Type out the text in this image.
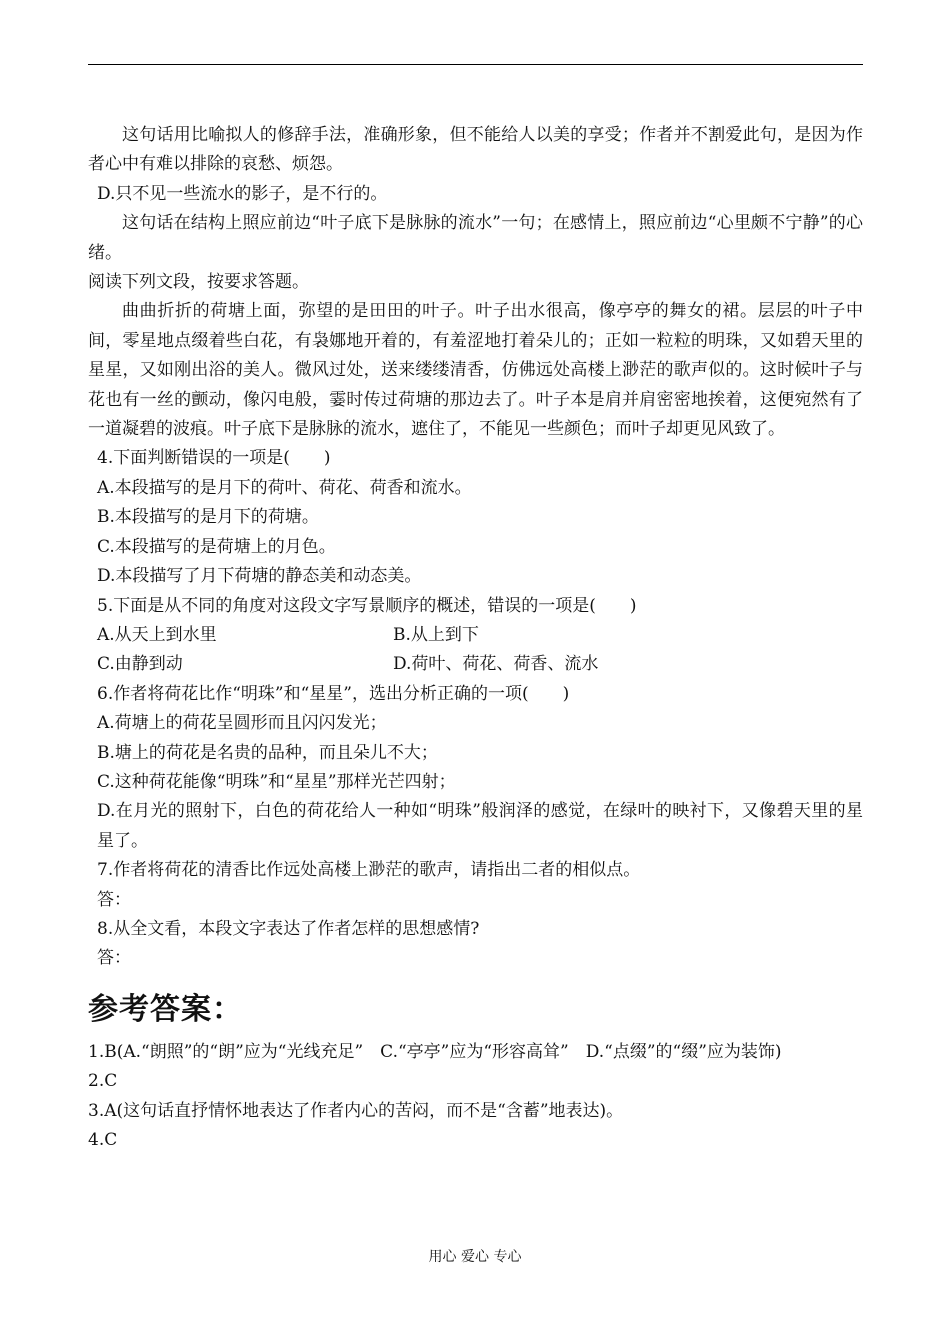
这句话用比喻拟人的修辞手法，准确形象，但不能给人以美的享受；作者并不割爱此句，是因为作者心中有难以排除的哀愁、烦怨。

D.只不见一些流水的影子，是不行的。

这句话在结构上照应前边“叶子底下是脉脉的流水”一句；在感情上，照应前边“心里颇不宁静”的心绪。

阅读下列文段，按要求答题。

曲曲折折的荷塘上面，弥望的是田田的叶子。叶子出水很高，像亭亭的舞女的裙。层层的叶子中间，零星地点缀着些白花，有袅娜地开着的，有羞涩地打着朵儿的；正如一粒粒的明珠，又如碧天里的星星，又如刚出浴的美人。微风过处，送来缕缕清香，仿佛远处高楼上渺茫的歌声似的。这时候叶子与花也有一丝的颤动，像闪电般，霎时传过荷塘的那边去了。叶子本是肩并肩密密地挨着，这便宛然有了一道凝碧的波痕。叶子底下是脉脉的流水，遮住了，不能见一些颜色；而叶子却更见风致了。

4.下面判断错误的一项是(　　)

A.本段描写的是月下的荷叶、荷花、荷香和流水。

B.本段描写的是月下的荷塘。

C.本段描写的是荷塘上的月色。

D.本段描写了月下荷塘的静态美和动态美。

5.下面是从不同的角度对这段文字写景顺序的概述，错误的一项是(　　)

A.从天上到水里	B.从上到下
C.由静到动	D.荷叶、荷花、荷香、流水

6.作者将荷花比作“明珠”和“星星”，选出分析正确的一项(　　)

A.荷塘上的荷花呈圆形而且闪闪发光；

B.塘上的荷花是名贵的品种，而且朵儿不大；

C.这种荷花能像“明珠”和“星星”那样光芒四射；

D.在月光的照射下，白色的荷花给人一种如“明珠”般润泽的感觉，在绿叶的映衬下，又像碧天里的星星了。

7.作者将荷花的清香比作远处高楼上渺茫的歌声，请指出二者的相似点。

答：

8.从全文看，本段文字表达了作者怎样的思想感情?

答：

参考答案：

1.B(A.“朗照”的“朗”应为“光线充足”　C.“亭亭”应为“形容高耸”　D.“点缀”的“缀”应为装饰)

2.C

3.A(这句话直抒情怀地表达了作者内心的苦闷，而不是“含蓄”地表达)。

4.C

用心 爱心 专心
